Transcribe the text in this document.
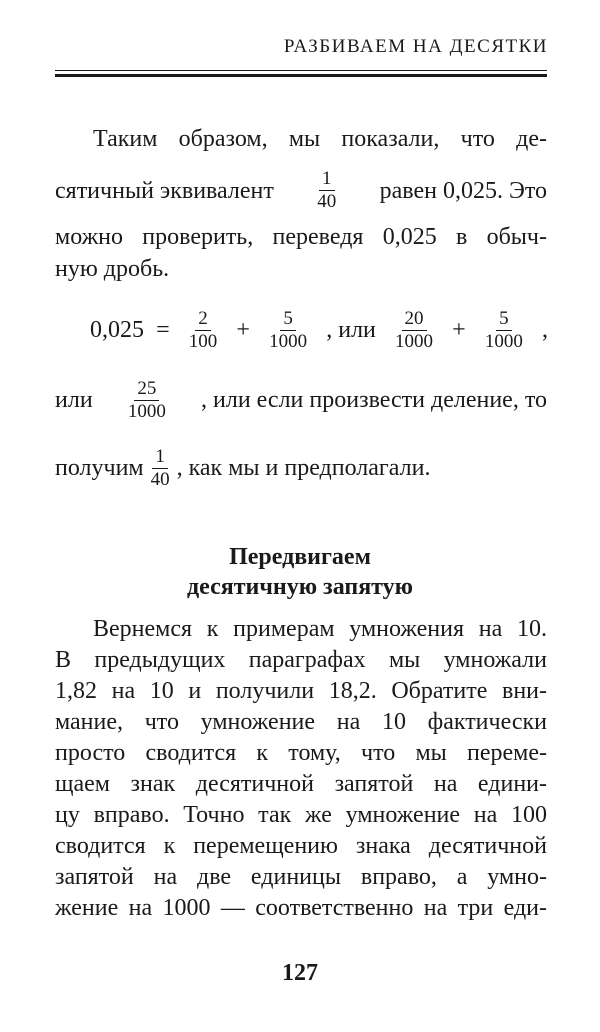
РАЗБИВАЕМ НА ДЕСЯТКИ
Таким образом, мы показали, что де-
сятичный эквивалент $\frac{1}{40}$ равен 0,025. Это
можно проверить, переведя 0,025 в обыч-
ную дробь.
$0,025 = \frac{2}{100} + \frac{5}{1000}$ , или $\frac{20}{1000} + \frac{5}{1000}$ ,
или $\frac{25}{1000}$ , или если произвести деление, то
получим $\frac{1}{40}$ , как мы и предполагали.
Передвигаем
десятичную запятую
Вернемся к примерам умножения на 10.
В предыдущих параграфах мы умножали
1,82 на 10 и получили 18,2. Обратите вни-
мание, что умножение на 10 фактически
просто сводится к тому, что мы переме-
щаем знак десятичной запятой на едини-
цу вправо. Точно так же умножение на 100
сводится к перемещению знака десятичной
запятой на две единицы вправо, а умно-
жение на 1000 — соответственно на три еди-
127
